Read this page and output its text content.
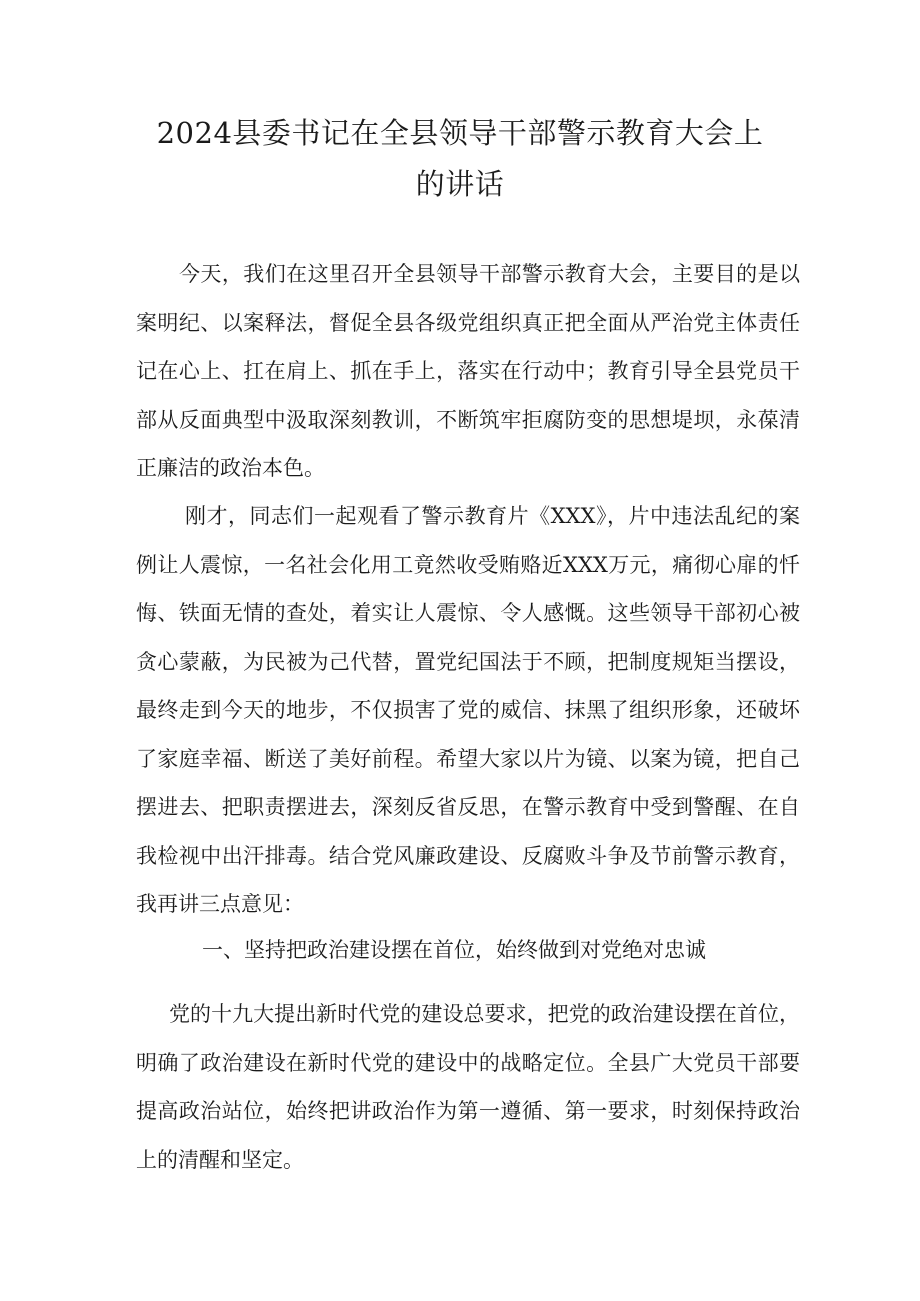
2024县委书记在全县领导干部警示教育大会上
的讲话

今天，我们在这里召开全县领导干部警示教育大会，主要目的是以案明纪、以案释法，督促全县各级党组织真正把全面从严治党主体责任记在心上、扛在肩上、抓在手上，落实在行动中；教育引导全县党员干部从反面典型中汲取深刻教训，不断筑牢拒腐防变的思想堤坝，永葆清正廉洁的政治本色。

刚才，同志们一起观看了警示教育片《XXX》，片中违法乱纪的案例让人震惊，一名社会化用工竟然收受贿赂近XXX万元，痛彻心扉的忏悔、铁面无情的查处，着实让人震惊、令人感慨。这些领导干部初心被贪心蒙蔽，为民被为己代替，置党纪国法于不顾，把制度规矩当摆设，最终走到今天的地步，不仅损害了党的威信、抹黑了组织形象，还破坏了家庭幸福、断送了美好前程。希望大家以片为镜、以案为镜，把自己摆进去、把职责摆进去，深刻反省反思，在警示教育中受到警醒、在自我检视中出汗排毒。结合党风廉政建设、反腐败斗争及节前警示教育，我再讲三点意见：

一、坚持把政治建设摆在首位，始终做到对党绝对忠诚

党的十九大提出新时代党的建设总要求，把党的政治建设摆在首位，明确了政治建设在新时代党的建设中的战略定位。全县广大党员干部要提高政治站位，始终把讲政治作为第一遵循、第一要求，时刻保持政治上的清醒和坚定。
